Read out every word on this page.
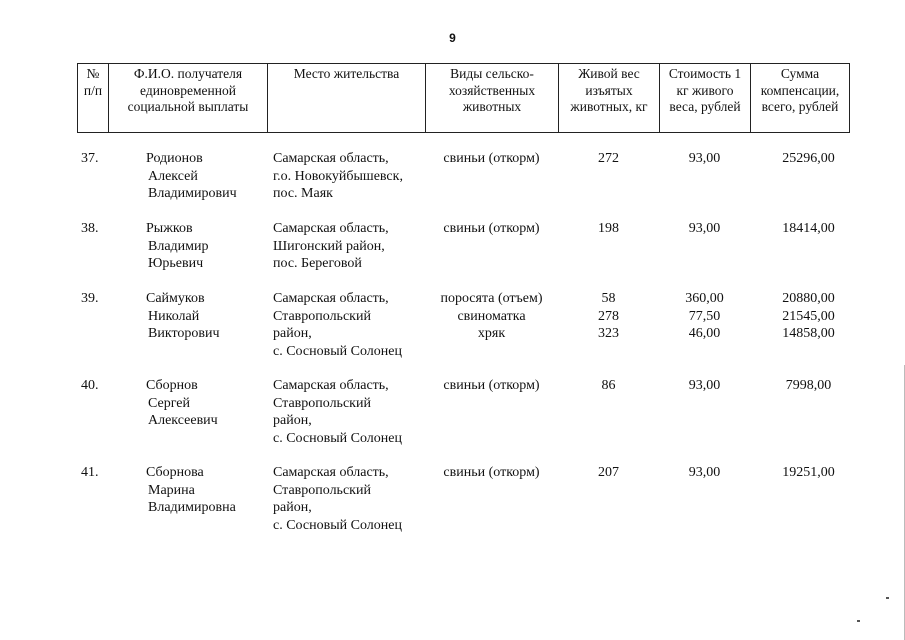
9
№ п/п	Ф.И.О. получателя единовременной социальной выплаты	Место жительства	Виды сельско-хозяйственных животных	Живой вес изъятых животных, кг	Стоимость 1 кг живого веса, рублей	Сумма компенсации, всего, рублей
37.	Родионов
Алексей
Владимирович	Самарская область,
г.о. Новокуйбышевск,
пос. Маяк	свиньи (откорм)	272	93,00	25296,00

38.	Рыжков
Владимир
Юрьевич	Самарская область,
Шигонский район,
пос. Береговой	свиньи (откорм)	198	93,00	18414,00

39.	Саймуков
Николай
Викторович	Самарская область,
Ставропольский
район,
с. Сосновый Солонец	поросята (отъем)
свиноматка
хряк	58
278
323	360,00
77,50
46,00	20880,00
21545,00
14858,00

40.	Сборнов
Сергей
Алексеевич	Самарская область,
Ставропольский
район,
с. Сосновый Солонец	свиньи (откорм)	86	93,00	7998,00

41.	Сборнова
Марина
Владимировна	Самарская область,
Ставропольский
район,
с. Сосновый Солонец	свиньи (откорм)	207	93,00	19251,00
